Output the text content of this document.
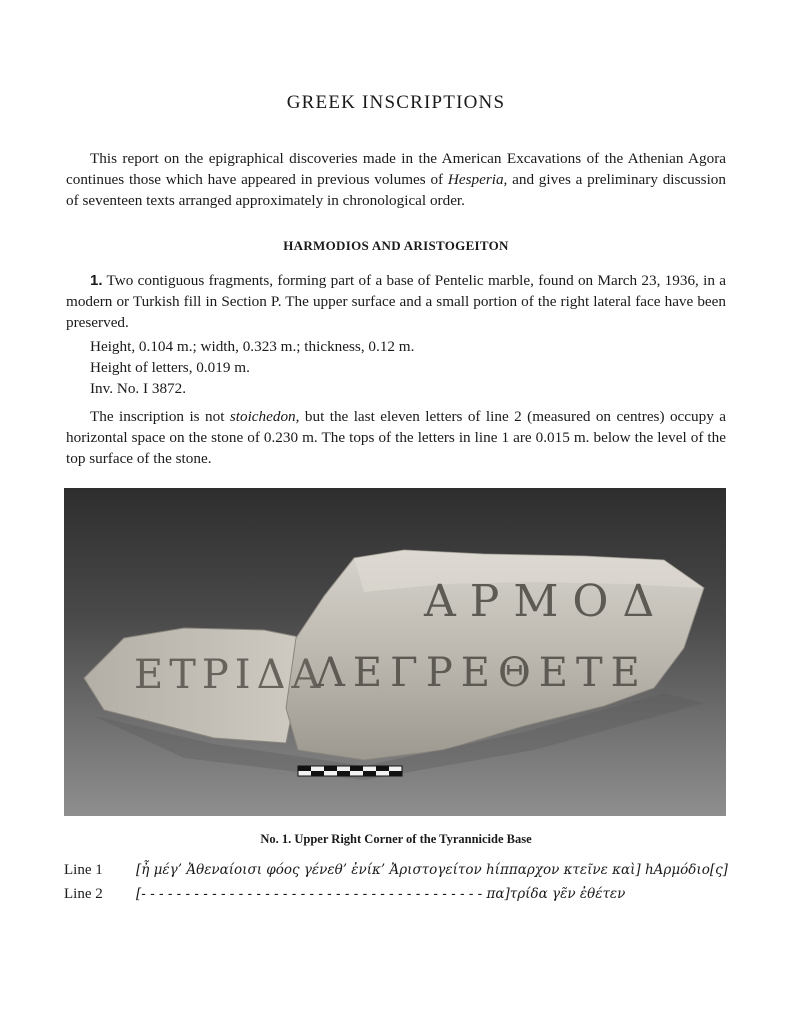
GREEK INSCRIPTIONS

This report on the epigraphical discoveries made in the American Excavations of the Athenian Agora continues those which have appeared in previous volumes of Hesperia, and gives a preliminary discussion of seventeen texts arranged approximately in chronological order.

HARMODIOS AND ARISTOGEITON

1. Two contiguous fragments, forming part of a base of Pentelic marble, found on March 23, 1936, in a modern or Turkish fill in Section P. The upper surface and a small portion of the right lateral face have been preserved.

Height, 0.104 m.; width, 0.323 m.; thickness, 0.12 m.

Height of letters, 0.019 m.

Inv. No. I 3872.

The inscription is not stoichedon, but the last eleven letters of line 2 (measured on centres) occupy a horizontal space on the stone of 0.230 m. The tops of the letters in line 1 are 0.015 m. below the level of the top surface of the stone.

ΑΡΜΟΔ
ΕΤΡΙΔΑ
ΛΕΓΡΕΘΕΤΕ
No. 1. Upper Right Corner of the Tyrannicide Base
Line 1 [ἦ μέγ’ Ἀθεναίοισι φόος γένεθ’ ἐνίκ’ Ἀριστογείτον hίππαρχον κτεῖνε καὶ] hΑρμόδιο[ς]
Line 2 [- - - - - - - - - - - - - - - - - - - - - - - - - - - - - - - - - - - - - - - πα]τρίδα γε̃ν ἐθέτεν
